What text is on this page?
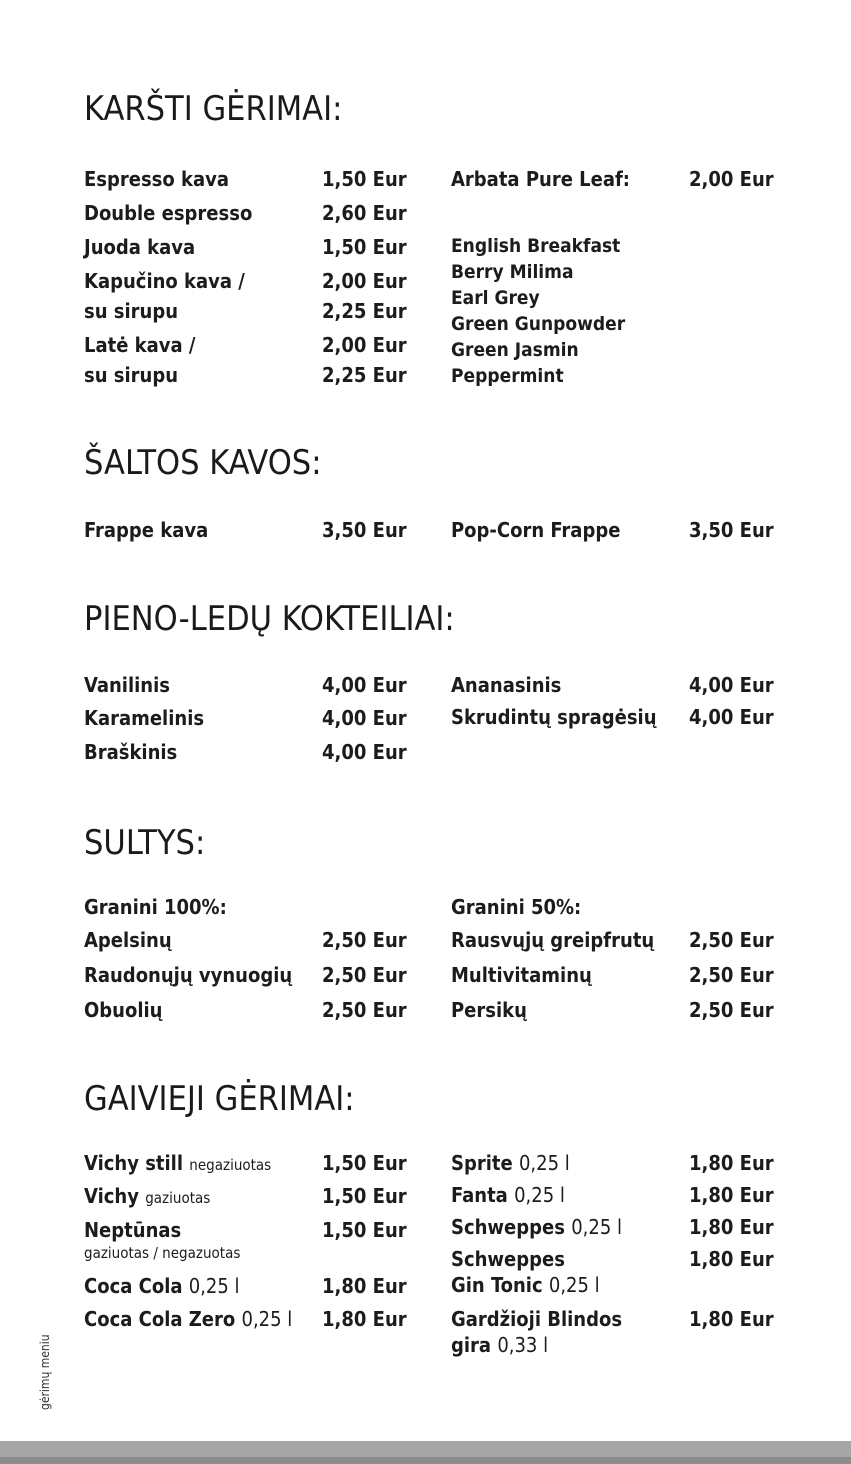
KARŠTI GĖRIMAI:
Espresso kava	1,50 Eur
Double espresso	2,60 Eur
Juoda kava	1,50 Eur
Kapučino kava /	2,00 Eur
su sirupu	2,25 Eur
Latė kava /	2,00 Eur
su sirupu	2,25 Eur
Arbata Pure Leaf:	2,00 Eur
English Breakfast
Berry Milima
Earl Grey
Green Gunpowder
Green Jasmin
Peppermint
ŠALTOS KAVOS:
Frappe kava	3,50 Eur Pop-Corn Frappe	3,50 Eur
PIENO-LEDŲ KOKTEILIAI:
Vanilinis	4,00 Eur
Karamelinis	4,00 Eur
Braškinis	4,00 Eur
Ananasinis	4,00 Eur
Skrudintų spragėsių 4,00 Eur
SULTYS:
Granini 100%:	Granini 50%:
Apelsinų	2,50 Eur
Raudonųjų vynuogių 2,50 Eur
Obuolių	2,50 Eur
Rausvųjų greipfrutų 2,50 Eur
Multivitaminų	2,50 Eur
Persikų	2,50 Eur
GAIVIEJI GĖRIMAI:
Vichy still negaziuotas	1,50 Eur
Vichy gaziuotas	1,50 Eur
Neptūnas
gaziuotas / negazuotas
1,50 Eur
Coca Cola 0,25 l	1,80 Eur
Coca Cola Zero 0,25 l 1,80 Eur
Sprite 0,25 l	1,80 Eur
Fanta 0,25 l	1,80 Eur
Schweppes 0,25 l	1,80 Eur
Schweppes
Gin Tonic 0,25 l
1,80 Eur
Gardžioji Blindos
gira 0,33 l
1,80 Eur
gėrimų meniu
